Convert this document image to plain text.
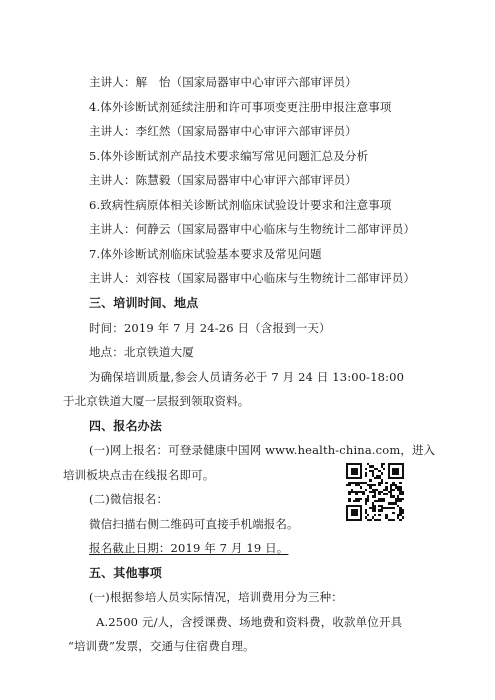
主讲人：解　怡（国家局器审中心审评六部审评员）
4.体外诊断试剂延续注册和许可事项变更注册申报注意事项
主讲人：李红然（国家局器审中心审评六部审评员）
5.体外诊断试剂产品技术要求编写常见问题汇总及分析
主讲人：陈慧毅（国家局器审中心审评六部审评员）
6.致病性病原体相关诊断试剂临床试验设计要求和注意事项
主讲人：何静云（国家局器审中心临床与生物统计二部审评员）
7.体外诊断试剂临床试验基本要求及常见问题
主讲人：刘容枝（国家局器审中心临床与生物统计二部审评员）
三、培训时间、地点
时间：2019 年 7 月 24-26 日（含报到一天）
地点：北京铁道大厦
为确保培训质量,参会人员请务必于 7 月 24 日 13:00-18:00
于北京铁道大厦一层报到领取资料。
四、报名办法
(一)网上报名：可登录健康中国网 www.health-china.com，进入
培训板块点击在线报名即可。
(二)微信报名：
微信扫描右侧二维码可直接手机端报名。
报名截止日期：2019 年 7 月 19 日。
五、其他事项
(一)根据参培人员实际情况，培训费用分为三种：
A.2500 元/人，含授课费、场地费和资料费，收款单位开具
“培训费”发票，交通与住宿费自理。
